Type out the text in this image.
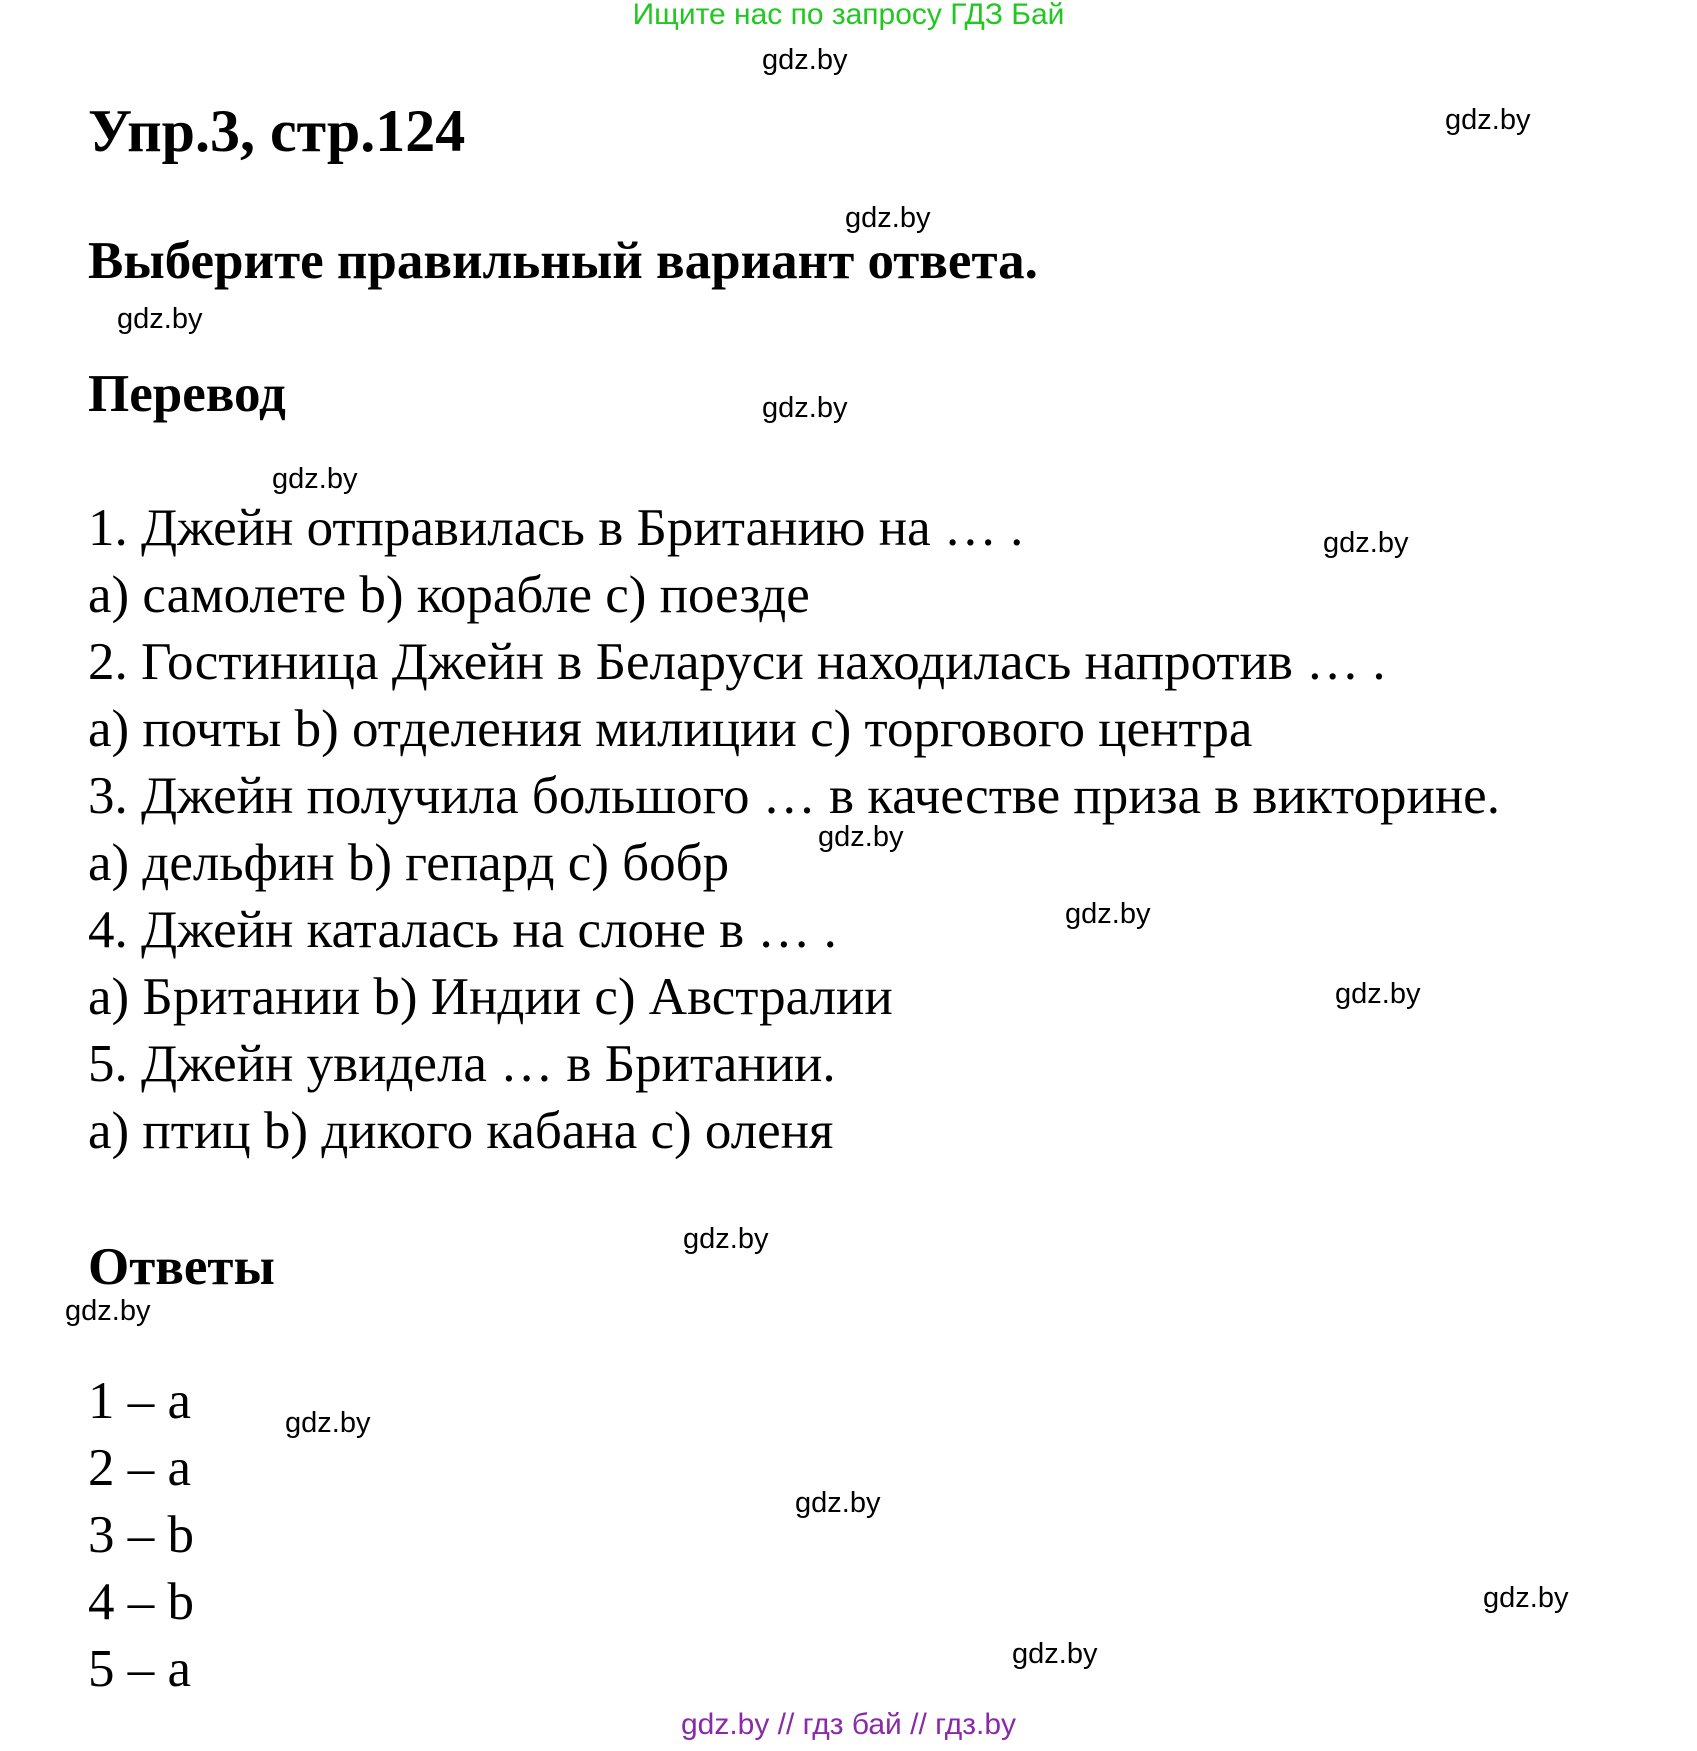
Ищите нас по запросу ГДЗ Бай
gdz.by
gdz.by
gdz.by
gdz.by
gdz.by
gdz.by
gdz.by
gdz.by
gdz.by
gdz.by
gdz.by
gdz.by
gdz.by
gdz.by
gdz.by
gdz.by
Упр.3, стр.124
Выберите правильный вариант ответа.
Перевод
1. Джейн отправилась в Британию на … .
a) самолете b) корабле c) поезде
2. Гостиница Джейн в Беларуси находилась напротив … .
a) почты b) отделения милиции c) торгового центра
3. Джейн получила большого … в качестве приза в викторине.
a) дельфин b) гепард c) бобр
4. Джейн каталась на слоне в … .
a) Британии b) Индии c) Австралии
5. Джейн увидела … в Британии.
a) птиц b) дикого кабана c) оленя
Ответы
1 – a
2 – a
3 – b
4 – b
5 – a
gdz.by // гдз бай // гдз.by
